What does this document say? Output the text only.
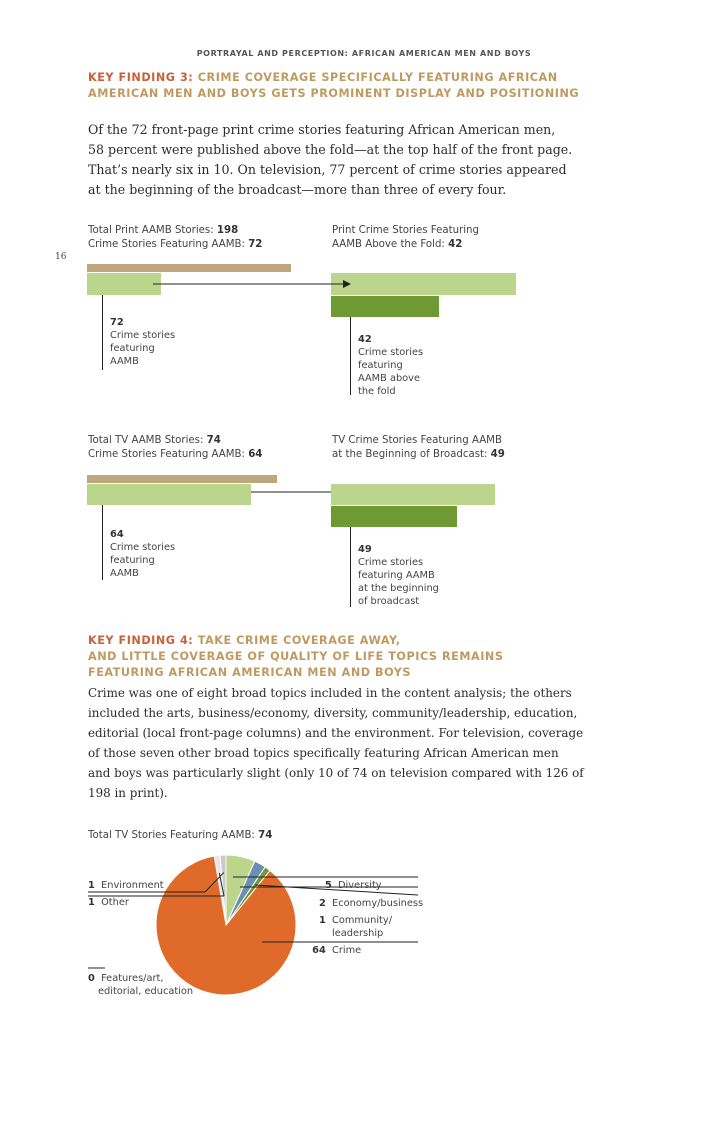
PORTRAYAL AND PERCEPTION: AFRICAN AMERICAN MEN AND BOYS
16
KEY FINDING 3: CRIME COVERAGE SPECIFICALLY FEATURING AFRICAN
AMERICAN MEN AND BOYS GETS PROMINENT DISPLAY AND POSITIONING
Of the 72 front-page print crime stories featuring African American men,
58 percent were published above the fold—at the top half of the front page.
That’s nearly six in 10. On television, 77 percent of crime stories appeared
at the beginning of the broadcast—more than three of every four.
Total Print AAMB Stories: 198
Crime Stories Featuring AAMB: 72
Print Crime Stories Featuring
AAMB Above the Fold: 42
72
Crime stories
featuring
AAMB
42
Crime stories
featuring
AAMB above
the fold
Total TV AAMB Stories: 74
Crime Stories Featuring AAMB: 64
TV Crime Stories Featuring AAMB
at the Beginning of Broadcast: 49
64
Crime stories
featuring
AAMB
49
Crime stories
featuring AAMB
at the beginning
of broadcast
KEY FINDING 4: TAKE CRIME COVERAGE AWAY,
AND LITTLE COVERAGE OF QUALITY OF LIFE TOPICS REMAINS
FEATURING AFRICAN AMERICAN MEN AND BOYS
Crime was one of eight broad topics included in the content analysis; the others
included the arts, business/economy, diversity, community/leadership, education,
editorial (local front-page columns) and the environment. For television, coverage
of those seven other broad topics specifically featuring African American men
and boys was particularly slight (only 10 of 74 on television compared with 126 of
198 in print).
Total TV Stories Featuring AAMB: 74
1 Environment
1 Other
0 Features/art,
editorial, education
5 Diversity
2 Economy/business
1 Community/
leadership
64 Crime
